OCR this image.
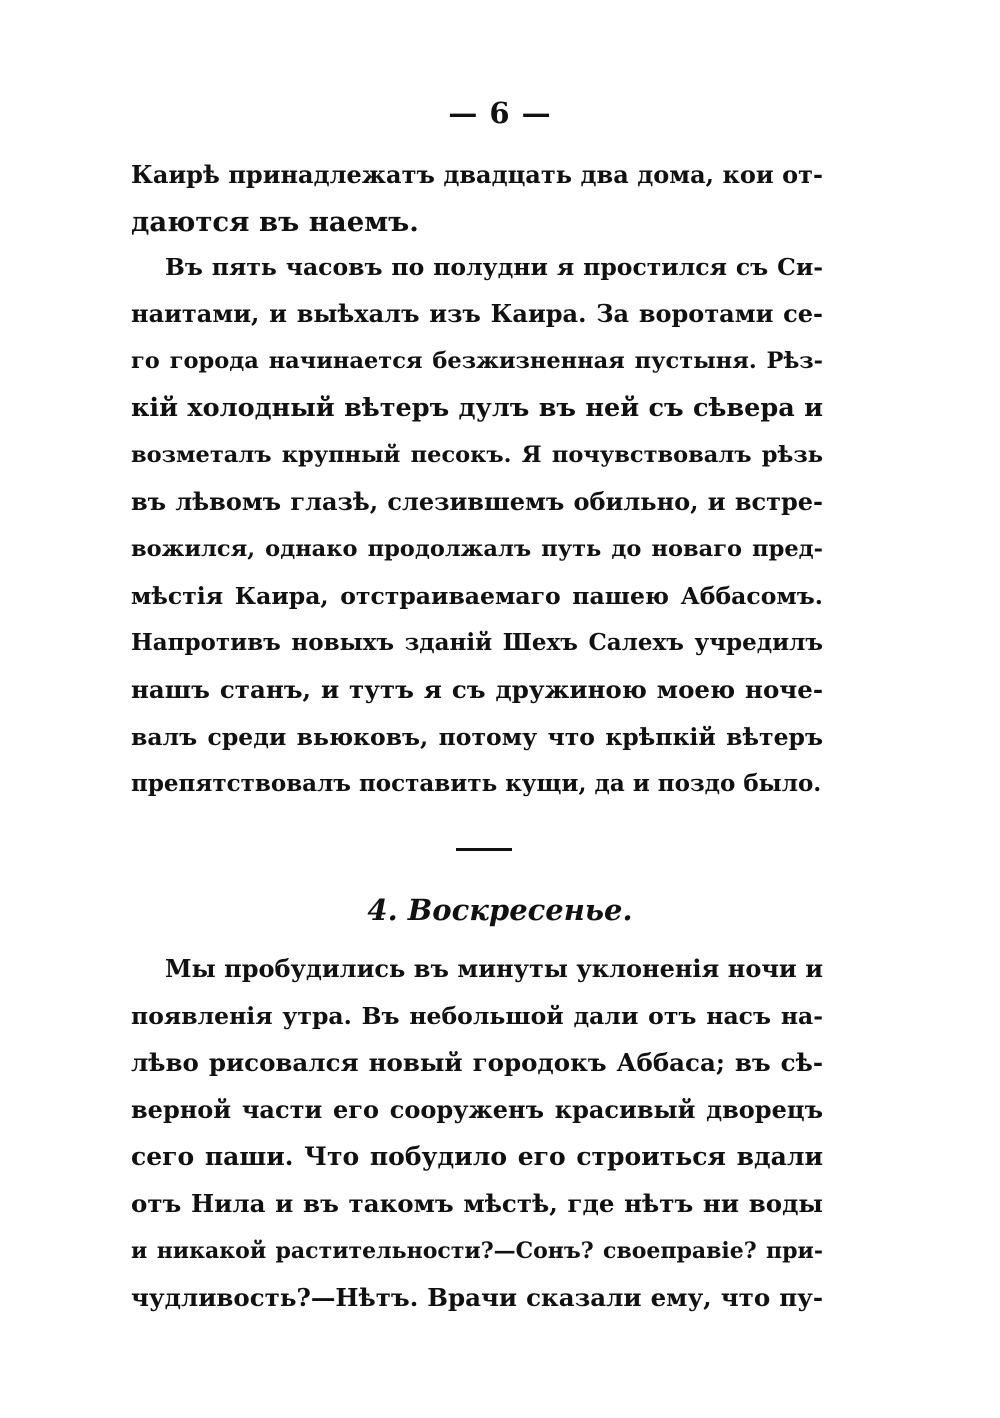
— 6 —
Каирѣ принадлежатъ двадцать два дома, кои от-
даются въ наемъ.
Въ пять часовъ по полудни я простился съ Си-
наитами, и выѣхалъ изъ Каира. За воротами се-
го города начинается безжизненная пустыня. Рѣз-
кій холодный вѣтеръ дулъ въ ней съ сѣвера и
вoзметалъ крупный песокъ. Я почувствовалъ рѣзь
въ лѣвомъ глазѣ, слезившемъ обильно, и встре-
вожился, однако продолжалъ путь до новаго пред-
мѣстія Каира, отстраиваемаго пашею Аббасомъ.
Напротивъ новыхъ зданій Шехъ Салехъ учредилъ
нашъ станъ, и тутъ я съ дружиною моею ноче-
валъ среди вьюковъ, потому что крѣпкій вѣтеръ
препятствовалъ поставить кущи, да и поздо было.
4. Воскресенье.
Мы пробудились въ минуты уклоненія ночи и
появленія утра. Въ небольшой дали отъ насъ на-
лѣво рисовался новый городокъ Аббаса; въ сѣ-
верной части его сооруженъ красивый дворецъ
сего паши. Что побудило его строиться вдали
отъ Нила и въ такомъ мѣстѣ, где нѣтъ ни воды
и никакой растительности?—Сонъ? своеправіе? при-
чудливость?—Нѣтъ. Врачи сказали ему, что пу-
